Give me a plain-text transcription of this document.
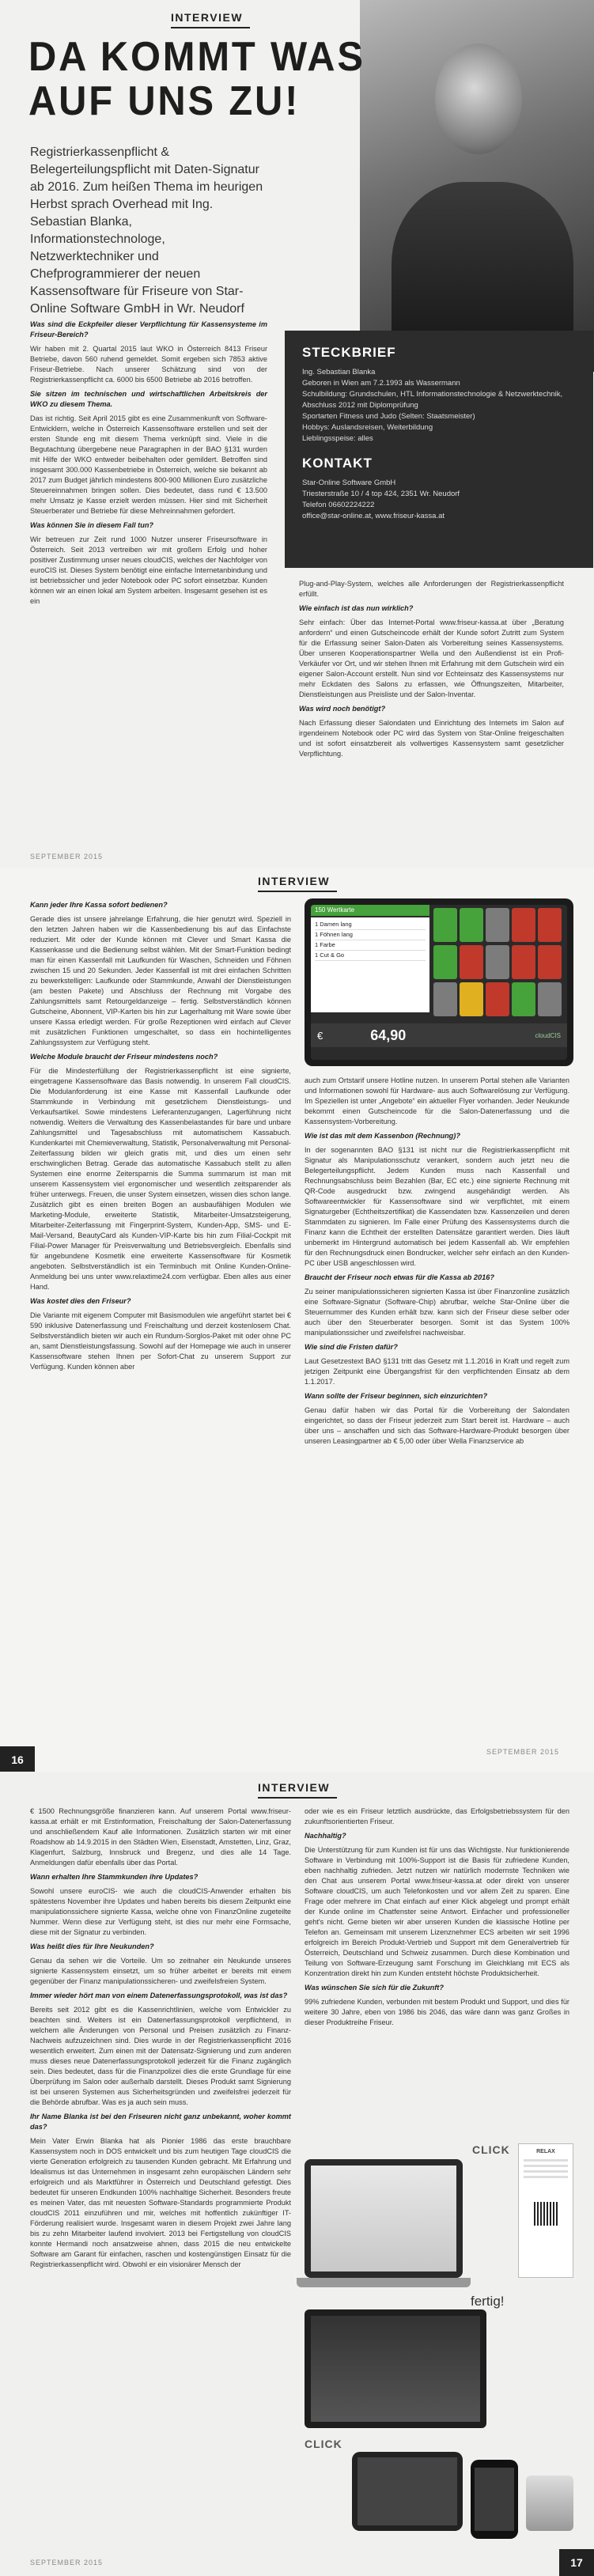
INTERVIEW
DA KOMMT WAS
AUF UNS ZU!
Registrierkassenpflicht & Belegerteilungspflicht mit Daten-Signatur ab 2016. Zum heißen Thema im heurigen Herbst sprach Overhead mit Ing. Sebastian Blanka, Informationstechnologe, Netzwerktechniker und Chefprogrammierer der neuen Kassensoftware für Friseure von Star-Online Software GmbH in Wr. Neudorf
STECKBRIEF
Ing. Sebastian Blanka
Geboren in Wien am 7.2.1993 als Wassermann
Schulbildung: Grundschulen, HTL Informationstechnologie & Netzwerktechnik, Abschluss 2012 mit Diplomprüfung
Sportarten Fitness und Judo (Selten: Staatsmeister)
Hobbys: Auslandsreisen, Weiterbildung
Lieblingsspeise: alles
KONTAKT
Star-Online Software GmbH
Triesterstraße 10 / 4 top 424, 2351 Wr. Neudorf
Telefon 06602224222
office@star-online.at, www.friseur-kassa.at

Was sind die Eckpfeiler dieser Verpflichtung für Kassensysteme im Friseur-Bereich?

Wir haben mit 2. Quartal 2015 laut WKO in Österreich 8413 Friseur Betriebe, davon 560 ruhend gemeldet. Somit ergeben sich 7853 aktive Friseur-Betriebe. Nach unserer Schätzung sind von der Registrierkassenpflicht ca. 6000 bis 6500 Betriebe ab 2016 betroffen.

Sie sitzen im technischen und wirtschaftlichen Arbeitskreis der WKO zu diesem Thema.

Das ist richtig. Seit April 2015 gibt es eine Zusammenkunft von Software-Entwicklern, welche in Österreich Kassensoftware erstellen und seit der ersten Stunde eng mit diesem Thema verknüpft sind. Viele in die Begutachtung übergebene neue Paragraphen in der BAO §131 wurden mit Hilfe der WKO entweder beibehalten oder gemildert. Betroffen sind insgesamt 300.000 Kassenbetriebe in Österreich, welche sie bekannt ab 2017 zum Budget jährlich mindestens 800-900 Millionen Euro zusätzliche Steuereinnahmen bringen sollen. Dies bedeutet, dass rund € 13.500 mehr Umsatz je Kasse erzielt werden müssen. Hier sind mit Sicherheit Steuerberater und Betriebe für diese Mehreinnahmen gefordert.

Was können Sie in diesem Fall tun?

Wir betreuen zur Zeit rund 1000 Nutzer unserer Friseursoftware in Österreich. Seit 2013 vertreiben wir mit großem Erfolg und hoher positiver Zustimmung unser neues cloudCIS, welches der Nachfolger von euroCIS ist. Dieses System benötigt eine einfache Internetanbindung und ist betriebssicher und jeder Notebook oder PC sofort einsetzbar. Kunden können wir an einen lokal am System arbeiten. Insgesamt gesehen ist es ein

Plug-and-Play-System, welches alle Anforderungen der Registrierkassenpflicht erfüllt.

Wie einfach ist das nun wirklich?

Sehr einfach: Über das Internet-Portal www.friseur-kassa.at über „Beratung anfordern“ und einen Gutscheincode erhält der Kunde sofort Zutritt zum System für die Erfassung seiner Salon-Daten als Vorbereitung seines Kassensystems. Über unseren Kooperationspartner Wella und den Außendienst ist ein Profi-Verkäufer vor Ort, und wir stehen Ihnen mit Erfahrung mit dem Gutschein wird ein eigener Salon-Account erstellt. Nun sind vor Echteinsatz des Kassensystems nur mehr Eckdaten des Salons zu erfassen, wie Öffnungszeiten, Mitarbeiter, Dienstleistungen aus Preisliste und der Salon-Inventar.

Was wird noch benötigt?

Nach Erfassung dieser Salondaten und Einrichtung des Internets im Salon auf irgendeinem Notebook oder PC wird das System von Star-Online freigeschalten und ist sofort einsatzbereit als vollwertiges Kassensystem samt gesetzlicher Verpflichtung.

SEPTEMBER 2015
INTERVIEW

Kann jeder Ihre Kassa sofort bedienen?

Gerade dies ist unsere jahrelange Erfahrung, die hier genutzt wird. Speziell in den letzten Jahren haben wir die Kassenbedienung bis auf das Einfachste reduziert. Mit oder der Kunde können mit Clever und Smart Kassa die Kassenkasse und die Bedienung selbst wählen. Mit der Smart-Funktion bedingt man für einen Kassenfall mit Laufkunden für Waschen, Schneiden und Föhnen zwischen 15 und 20 Sekunden. Jeder Kassenfall ist mit drei einfachen Schritten zu bewerkstelligen: Laufkunde oder Stammkunde, Anwahl der Dienstleistungen (am besten Pakete) und Abschluss der Rechnung mit Vorgabe des Zahlungsmittels samt Retourgeldanzeige – fertig. Selbstverständlich können Gutscheine, Abonnent, VIP-Karten bis hin zur Lagerhaltung mit Ware sowie über unsere Kassa erledigt werden. Für große Rezeptionen wird einfach auf Clever mit zusätzlichen Funktionen umgeschaltet, so dass ein hochintelligentes Zahlungssystem zur Verfügung steht.

Welche Module braucht der Friseur mindestens noch?

Für die Mindesterfüllung der Registrierkassenpflicht ist eine signierte, eingetragene Kassensoftware das Basis notwendig. In unserem Fall cloudCIS. Die Modulanforderung ist eine Kasse mit Kassenfall Laufkunde oder Stammkunde in Verbindung mit gesetzlichem Dienstleistungs- und Verkaufsartikel. Sowie mindestens Lieferantenzugangen, Lagerführung nicht notwendig. Weiters die Verwaltung des Kassenbelastandes für bare und unbare Zahlungsmittel und Tagesabschluss mit automatischem Kassabuch. Kundenkartei mit Chemieverwaltung, Statistik, Personalverwaltung mit Personal-Zeiterfassung bilden wir gleich gratis mit, und dies um einen sehr erschwinglichen Betrag. Gerade das automatische Kassabuch stellt zu allen Systemen eine enorme Zeitersparnis die Summa summarum ist man mit unserem Kassensystem viel ergonomischer und wesentlich zeitsparender als früher unterwegs. Freuen, die unser System einsetzen, wissen dies schon lange. Zusätzlich gibt es einen breiten Bogen an ausbaufähigen Modulen wie Marketing-Module, erweiterte Statistik, Mitarbeiter-Umsatzsteigerung, Mitarbeiter-Zeiterfassung mit Fingerprint-System, Kunden-App, SMS- und E-Mail-Versand, BeautyCard als Kunden-VIP-Karte bis hin zum Filial-Cockpit mit Filial-Power Manager für Preisverwaltung und Betriebsvergleich. Ebenfalls sind für angebundene Kosmetik eine erweiterte Kassensoftware für Kosmetik angeboten. Selbstverständlich ist ein Terminbuch mit Online Kunden-Online-Anmeldung bei uns unter www.relaxtime24.com verfügbar. Eben alles aus einer Hand.

Was kostet dies den Friseur?

Die Variante mit eigenem Computer mit Basismodulen wie angeführt startet bei € 590 inklusive Datenerfassung und Freischaltung und derzeit kostenlosem Chat. Selbstverständlich bieten wir auch ein Rundum-Sorglos-Paket mit oder ohne PC an, samt Dienstleistungsfassung. Sowohl auf der Homepage wie auch in unserer Kassensoftware stehen Ihnen per Sofort-Chat zu unserem Support zur Verfügung. Kunden können aber

150 Wertkarte
1 Damen lang
1 Föhnen lang
1 Farbe
1 Cut & Go
€	64,90	cloudCIS

auch zum Ortstarif unsere Hotline nutzen. In unserem Portal stehen alle Varianten und Informationen sowohl für Hardware- aus auch Softwarelösung zur Verfügung. Im Speziellen ist unter „Angebote“ ein aktueller Flyer vorhanden. Jeder Neukunde bekommt einen Gutscheincode für die Salon-Datenerfassung und die Kassensystem-Vorbereitung.

Wie ist das mit dem Kassenbon (Rechnung)?

In der sogenannten BAO §131 ist nicht nur die Registrierkassenpflicht mit Signatur als Manipulationsschutz verankert, sondern auch jetzt neu die Belegerteilungspflicht. Jedem Kunden muss nach Kassenfall und Rechnungsabschluss beim Bezahlen (Bar, EC etc.) eine signierte Rechnung mit QR-Code ausgedruckt bzw. zwingend ausgehändigt werden. Als Softwareentwickler für Kassensoftware sind wir verpflichtet, mit einem Signaturgeber (Echtheitszertifikat) die Kassendaten bzw. Kassenzeilen und deren Stammdaten zu signieren. Im Falle einer Prüfung des Kassensystems durch die Finanz kann die Echtheit der erstellten Datensätze garantiert werden. Dies läuft unbemerkt im Hintergrund automatisch bei jedem Kassenfall ab. Wir empfehlen für den Rechnungsdruck einen Bondrucker, welcher sehr einfach an den Kunden-PC über USB angeschlossen wird.

Braucht der Friseur noch etwas für die Kassa ab 2016?

Zu seiner manipulationssicheren signierten Kassa ist über Finanzonline zusätzlich eine Software-Signatur (Software-Chip) abrufbar, welche Star-Online über die Steuernummer des Kunden erhält bzw. kann sich der Friseur diese selber oder auch über den Steuerberater besorgen. Somit ist das System 100% manipulationssicher und zweifelsfrei nachweisbar.

Wie sind die Fristen dafür?

Laut Gesetzestext BAO §131 tritt das Gesetz mit 1.1.2016 in Kraft und regelt zum jetzigen Zeitpunkt eine Übergangsfrist für den verpflichtenden Einsatz ab dem 1.1.2017.

Wann sollte der Friseur beginnen, sich einzurichten?

Genau dafür haben wir das Portal für die Vorbereitung der Salondaten eingerichtet, so dass der Friseur jederzeit zum Start bereit ist. Hardware – auch über uns – anschaffen und sich das Software-Hardware-Produkt besorgen über unseren Leasingpartner ab € 5,00 oder über Wella Finanzservice ab

16
SEPTEMBER 2015
INTERVIEW

€ 1500 Rechnungsgröße finanzieren kann. Auf unserem Portal www.friseur-kassa.at erhält er mit Erstinformation, Freischaltung der Salon-Datenerfassung und anschließendem Kauf alle Informationen. Zusätzlich starten wir mit einer Roadshow ab 14.9.2015 in den Städten Wien, Eisenstadt, Amstetten, Linz, Graz, Klagenfurt, Salzburg, Innsbruck und Bregenz, und dies alle 14 Tage. Anmeldungen dafür ebenfalls über das Portal.

Wann erhalten Ihre Stammkunden ihre Updates?

Sowohl unsere euroCIS- wie auch die cloudCIS-Anwender erhalten bis spätestens November ihre Updates und haben bereits bis diesem Zeitpunkt eine manipulationssichere signierte Kassa, welche ohne von FinanzOnline zugeteilte Nummer. Wenn diese zur Verfügung steht, ist dies nur mehr eine Formsache, diese mit der Signatur zu verbinden.

Was heißt dies für Ihre Neukunden?

Genau da sehen wir die Vorteile. Um so zeitnaher ein Neukunde unseres signierte Kassensystem einsetzt, um so früher arbeitet er bereits mit einem gegenüber der Finanz manipulationssicheren- und zweifelsfreien System.

Immer wieder hört man von einem Datenerfassungsprotokoll, was ist das?

Bereits seit 2012 gibt es die Kassenrichtlinien, welche vom Entwickler zu beachten sind. Weiters ist ein Datenerfassungsprotokoll verpflichtend, in welchem alle Änderungen von Personal und Preisen zusätzlich zu Finanz-Nachweis aufzuzeichnen sind. Dies wurde in der Registrierkassenpflicht 2016 wesentlich erweitert. Zum einen mit der Datensatz-Signierung und zum anderen muss dieses neue Datenerfassungsprotokoll jederzeit für die Finanz zugänglich sein. Dies bedeutet, dass für die Finanzpolizei dies die erste Grundlage für eine Überprüfung im Salon oder außerhalb darstellt. Dieses Produkt samt Signierung ist bei unseren Systemen aus Sicherheitsgründen und zweifelsfrei jederzeit für die Behörde abrufbar. Was es ja auch sein muss.

Ihr Name Blanka ist bei den Friseuren nicht ganz unbekannt, woher kommt das?

Mein Vater Erwin Blanka hat als Pionier 1986 das erste brauchbare Kassensystem noch in DOS entwickelt und bis zum heutigen Tage cloudCIS die vierte Generation erfolgreich zu tausenden Kunden gebracht. Mit Erfahrung und Idealismus ist das Unternehmen in insgesamt zehn europäischen Ländern sehr erfolgreich und als Marktführer in Österreich und Deutschland gefestigt. Dies bedeutet für unseren Endkunden 100% nachhaltige Sicherheit. Besonders freute es meinen Vater, das mit neuesten Software-Standards programmierte Produkt cloudCIS 2011 einzuführen und mir, welches mit hoffentlich zukünftiger IT-Förderung realisiert wurde. Insgesamt waren in diesem Projekt zwei Jahre lang bis zu zehn Mitarbeiter laufend involviert. 2013 bei Fertigstellung von cloudCIS konnte Hermandi noch ansatzweise ahnen, dass 2015 die neu entwickelte Software am Garant für einfachen, raschen und kostengünstigen Einsatz für die Registrierkassenpflicht wird. Obwohl er ein visionärer Mensch der

oder wie es ein Friseur letztlich ausdrückte, das Erfolgsbetriebssystem für den zukunftsorientierten Friseur.

Nachhaltig?

Die Unterstützung für zum Kunden ist für uns das Wichtigste. Nur funktionierende Software in Verbindung mit 100%-Support ist die Basis für zufriedene Kunden, eben nachhaltig zufrieden. Jetzt nutzen wir natürlich modernste Techniken wie den Chat aus unserem Portal www.friseur-kassa.at oder direkt von unserer Software cloudCIS, um auch Telefonkosten und vor allem Zeit zu sparen. Eine Frage oder mehrere im Chat einfach auf einer Klick abgelegt und prompt erhält der Kunde online im Chatfenster seine Antwort. Einfacher und professioneller geht's nicht. Gerne bieten wir aber unseren Kunden die klassische Hotline per Telefon an. Gemeinsam mit unserem Lizenznehmer ECS arbeiten wir seit 1996 erfolgreich im Bereich Produkt-Vertrieb und Support mit dem Generalvertrieb für Österreich, Deutschland und Schweiz zusammen. Durch diese Kombination und Teilung von Software-Erzeugung samt Forschung im Gleichklang mit ECS als Konzentration direkt hin zum Kunden entsteht höchste Produktsicherheit.

Was wünschen Sie sich für die Zukunft?

99% zufriedene Kunden, verbunden mit bestem Produkt und Support, und dies für weitere 30 Jahre, eben von 1986 bis 2046, das wäre dann was ganz Großes in dieser Produktreihe Friseur.

CLICK	RELAX
fertig!
CLICK
17
SEPTEMBER 2015
